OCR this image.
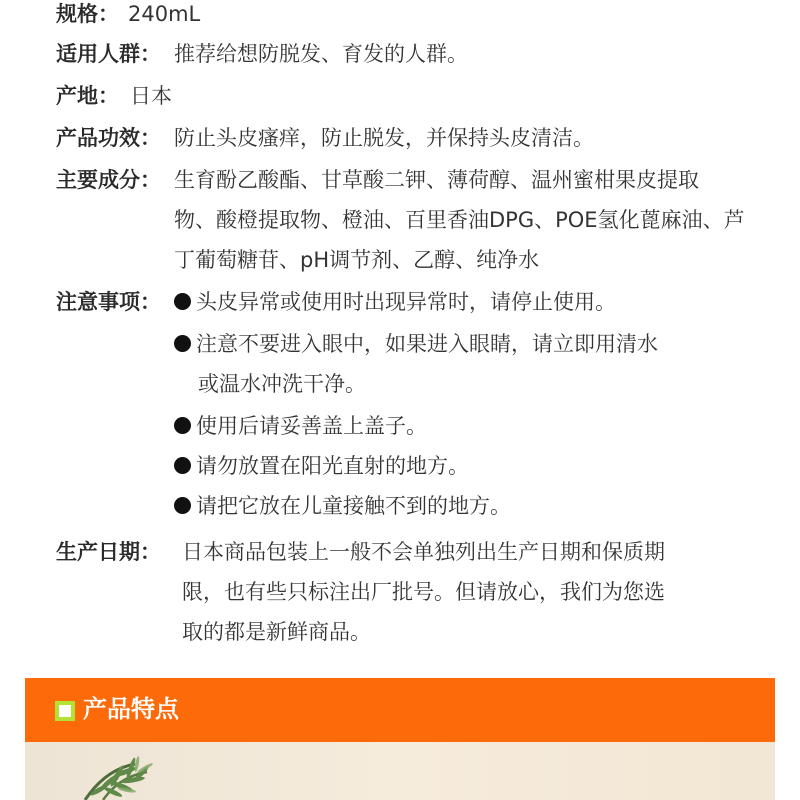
规格： 240mL
适用人群： 推荐给想防脱发、育发的人群。
产地： 日本
产品功效： 防止头皮瘙痒，防止脱发，并保持头皮清洁。
主要成分： 生育酚乙酸酯、甘草酸二钾、薄荷醇、温州蜜柑果皮提取
物、酸橙提取物、橙油、百里香油DPG、POE氢化蓖麻油、芦
丁葡萄糖苷、pH调节剂、乙醇、纯净水
注意事项：	头皮异常或使用时出现异常时，请停止使用。
注意不要进入眼中，如果进入眼睛，请立即用清水
或温水冲洗干净。
使用后请妥善盖上盖子。
请勿放置在阳光直射的地方。
请把它放在儿童接触不到的地方。
生产日期： 日本商品包装上一般不会单独列出生产日期和保质期
限，也有些只标注出厂批号。但请放心，我们为您选
取的都是新鲜商品。
产品特点
